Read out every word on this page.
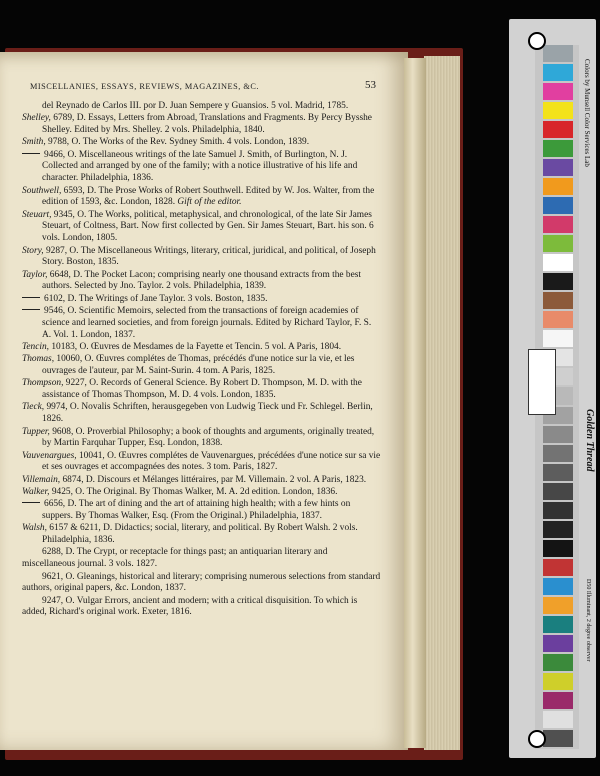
MISCELLANIES, ESSAYS, REVIEWS, MAGAZINES, &C.	53

del Reynado de Carlos III. por D. Juan Sempere y Guansios. 5 vol. Madrid, 1785.

Shelley, 6789, D. Essays, Letters from Abroad, Translations and Fragments. By Percy Bysshe Shelley. Edited by Mrs. Shelley. 2 vols. Philadelphia, 1840.

Smith, 9788, O. The Works of the Rev. Sydney Smith. 4 vols. London, 1839.

9466, O. Miscellaneous writings of the late Samuel J. Smith, of Burlington, N. J. Collected and arranged by one of the family; with a notice illustrative of his life and character. Philadelphia, 1836.

Southwell, 6593, D. The Prose Works of Robert Southwell. Edited by W. Jos. Walter, from the edition of 1593, &c. London, 1828. Gift of the editor.

Steuart, 9345, O. The Works, political, metaphysical, and chronological, of the late Sir James Steuart, of Coltness, Bart. Now first collected by Gen. Sir James Steuart, Bart. his son. 6 vols. London, 1805.

Story, 9287, O. The Miscellaneous Writings, literary, critical, juridical, and political, of Joseph Story. Boston, 1835.

Taylor, 6648, D. The Pocket Lacon; comprising nearly one thousand extracts from the best authors. Selected by Jno. Taylor. 2 vols. Philadelphia, 1839.

6102, D. The Writings of Jane Taylor. 3 vols. Boston, 1835.

9546, O. Scientific Memoirs, selected from the transactions of foreign academies of science and learned societies, and from foreign journals. Edited by Richard Taylor, F. S. A. Vol. 1. London, 1837.

Tencin, 10183, O. Œuvres de Mesdames de la Fayette et Tencin. 5 vol. A Paris, 1804.

Thomas, 10060, O. Œuvres complétes de Thomas, précédés d'une notice sur la vie, et les ouvrages de l'auteur, par M. Saint-Surin. 4 tom. A Paris, 1825.

Thompson, 9227, O. Records of General Science. By Robert D. Thompson, M. D. with the assistance of Thomas Thompson, M. D. 4 vols. London, 1835.

Tieck, 9974, O. Novalis Schriften, herausgegeben von Ludwig Tieck und Fr. Schlegel. Berlin, 1826.

Tupper, 9608, O. Proverbial Philosophy; a book of thoughts and arguments, originally treated, by Martin Farquhar Tupper, Esq. London, 1838.

Vauvenargues, 10041, O. Œuvres complétes de Vauvenargues, précédées d'une notice sur sa vie et ses ouvrages et accompagnées des notes. 3 tom. Paris, 1827.

Villemain, 6874, D. Discours et Mélanges littéraires, par M. Villemain. 2 vol. A Paris, 1823.

Walker, 9425, O. The Original. By Thomas Walker, M. A. 2d edition. London, 1836.

6656, D. The art of dining and the art of attaining high health; with a few hints on suppers. By Thomas Walker, Esq. (From the Original.) Philadelphia, 1837.

Walsh, 6157 & 6211, D. Didactics; social, literary, and political. By Robert Walsh. 2 vols. Philadelphia, 1836.

6288, D. The Crypt, or receptacle for things past; an antiquarian literary and miscellaneous journal. 3 vols. 1827.

9621, O. Gleanings, historical and literary; comprising numerous selections from standard authors, original papers, &c. London, 1837.

9247, O. Vulgar Errors, ancient and modern; with a critical disquisition. To which is added, Richard's original work. Exeter, 1816.

Colors by Munsell Color Services Lab
Golden Thread
D50 Illuminant, 2 degree observer
